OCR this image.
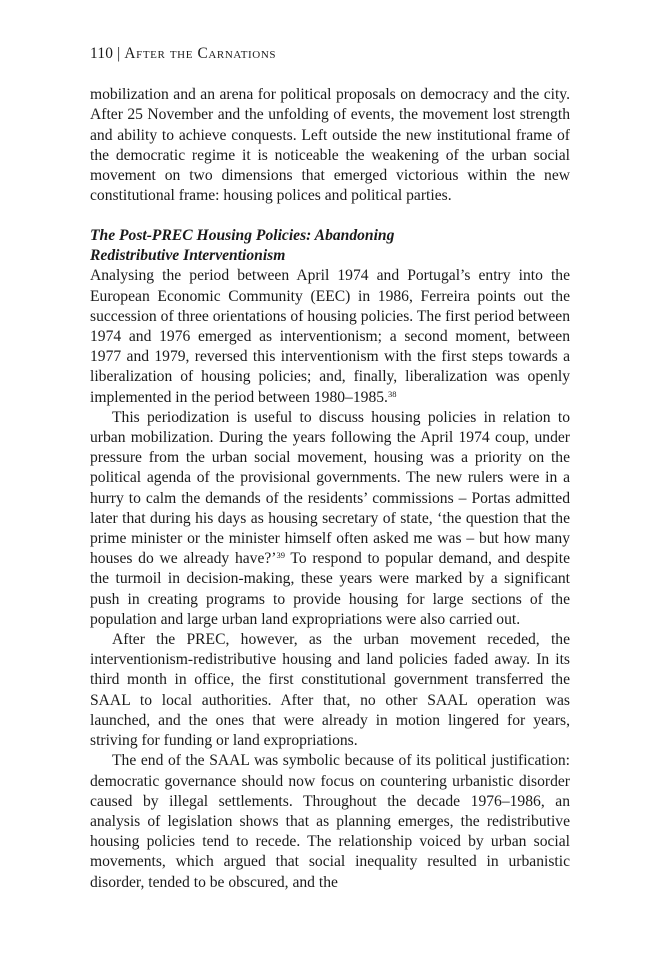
110 | After the Carnations

mobilization and an arena for political proposals on democracy and the city. After 25 November and the unfolding of events, the movement lost strength and ability to achieve conquests. Left outside the new institutional frame of the democratic regime it is noticeable the weakening of the urban social movement on two dimensions that emerged victorious within the new constitutional frame: housing polices and political parties.

The Post-PREC Housing Policies: Abandoning
Redistributive Interventionism

Analysing the period between April 1974 and Portugal’s entry into the European Economic Community (EEC) in 1986, Ferreira points out the succession of three orientations of housing policies. The first period between 1974 and 1976 emerged as interventionism; a second moment, between 1977 and 1979, reversed this interventionism with the first steps towards a liberalization of housing policies; and, finally, liberalization was openly implemented in the period between 1980–1985.38

This periodization is useful to discuss housing policies in relation to urban mobilization. During the years following the April 1974 coup, under pressure from the urban social movement, housing was a priority on the political agenda of the provisional governments. The new rulers were in a hurry to calm the demands of the residents’ commissions – Portas admitted later that during his days as housing secretary of state, ‘the question that the prime minister or the minister himself often asked me was – but how many houses do we already have?’$^{39}$ To respond to popular demand, and despite the turmoil in decision-making, these years were marked by a significant push in creating programs to provide housing for large sections of the population and large urban land expropriations were also carried out.

After the PREC, however, as the urban movement receded, the interventionism-redistributive housing and land policies faded away. In its third month in office, the first constitutional government transferred the SAAL to local authorities. After that, no other SAAL operation was launched, and the ones that were already in motion lingered for years, striving for funding or land expropriations.

The end of the SAAL was symbolic because of its political justification: democratic governance should now focus on countering urbanistic disorder caused by illegal settlements. Throughout the decade 1976–1986, an analysis of legislation shows that as planning emerges, the redistributive housing policies tend to recede. The relationship voiced by urban social movements, which argued that social inequality resulted in urbanistic disorder, tended to be obscured, and the
